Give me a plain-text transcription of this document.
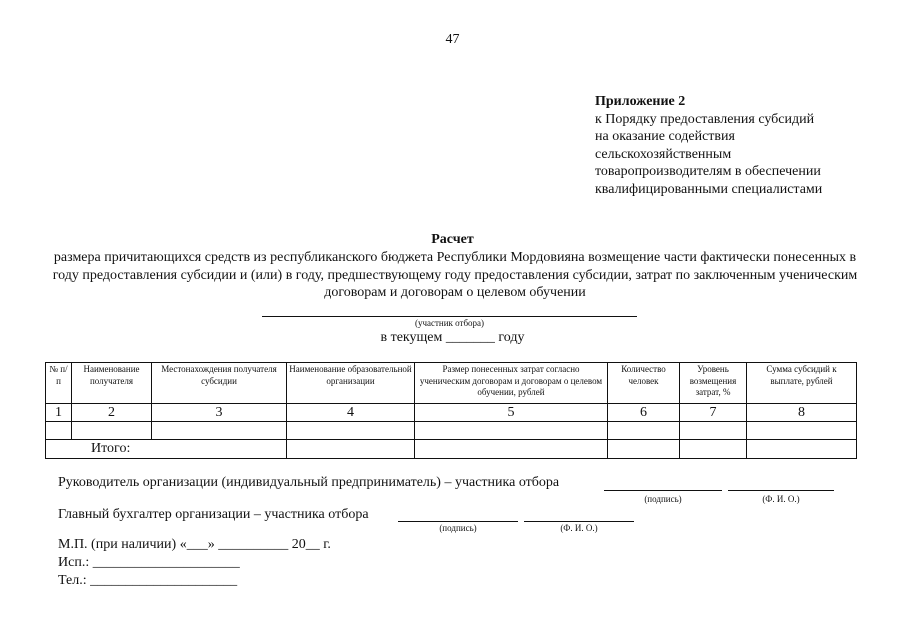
47
Приложение 2
к Порядку предоставления субсидий
на оказание содействия
сельскохозяйственным
товаропроизводителям в обеспечении
квалифицированными специалистами
Расчет
размера причитающихся средств из республиканского бюджета Республики Мордовияна возмещение части фактически понесенных в году предоставления субсидии и (или) в году, предшествующему году предоставления субсидии, затрат по заключенным ученическим договорам и договорам о целевом обучении
(участник отбора)
в текущем _______ году
№ п/п	Наименование получателя	Местонахождения получателя субсидии	Наименование образовательной организации	Размер понесенных затрат согласно ученическим договорам и договорам о целевом обучении, рублей	Количество человек	Уровень возмещения затрат, %	Сумма субсидий к выплате, рублей
1	2	3	4	5	6	7	8

Итого:							
Руководитель организации (индивидуальный предприниматель) – участника отбора
(подпись)	(Ф. И. О.)
Главный бухгалтер организации – участника отбора
(подпись)	(Ф. И. О.)
М.П. (при наличии) «___» __________ 20__ г.
Исп.: _____________________
Тел.: _____________________
